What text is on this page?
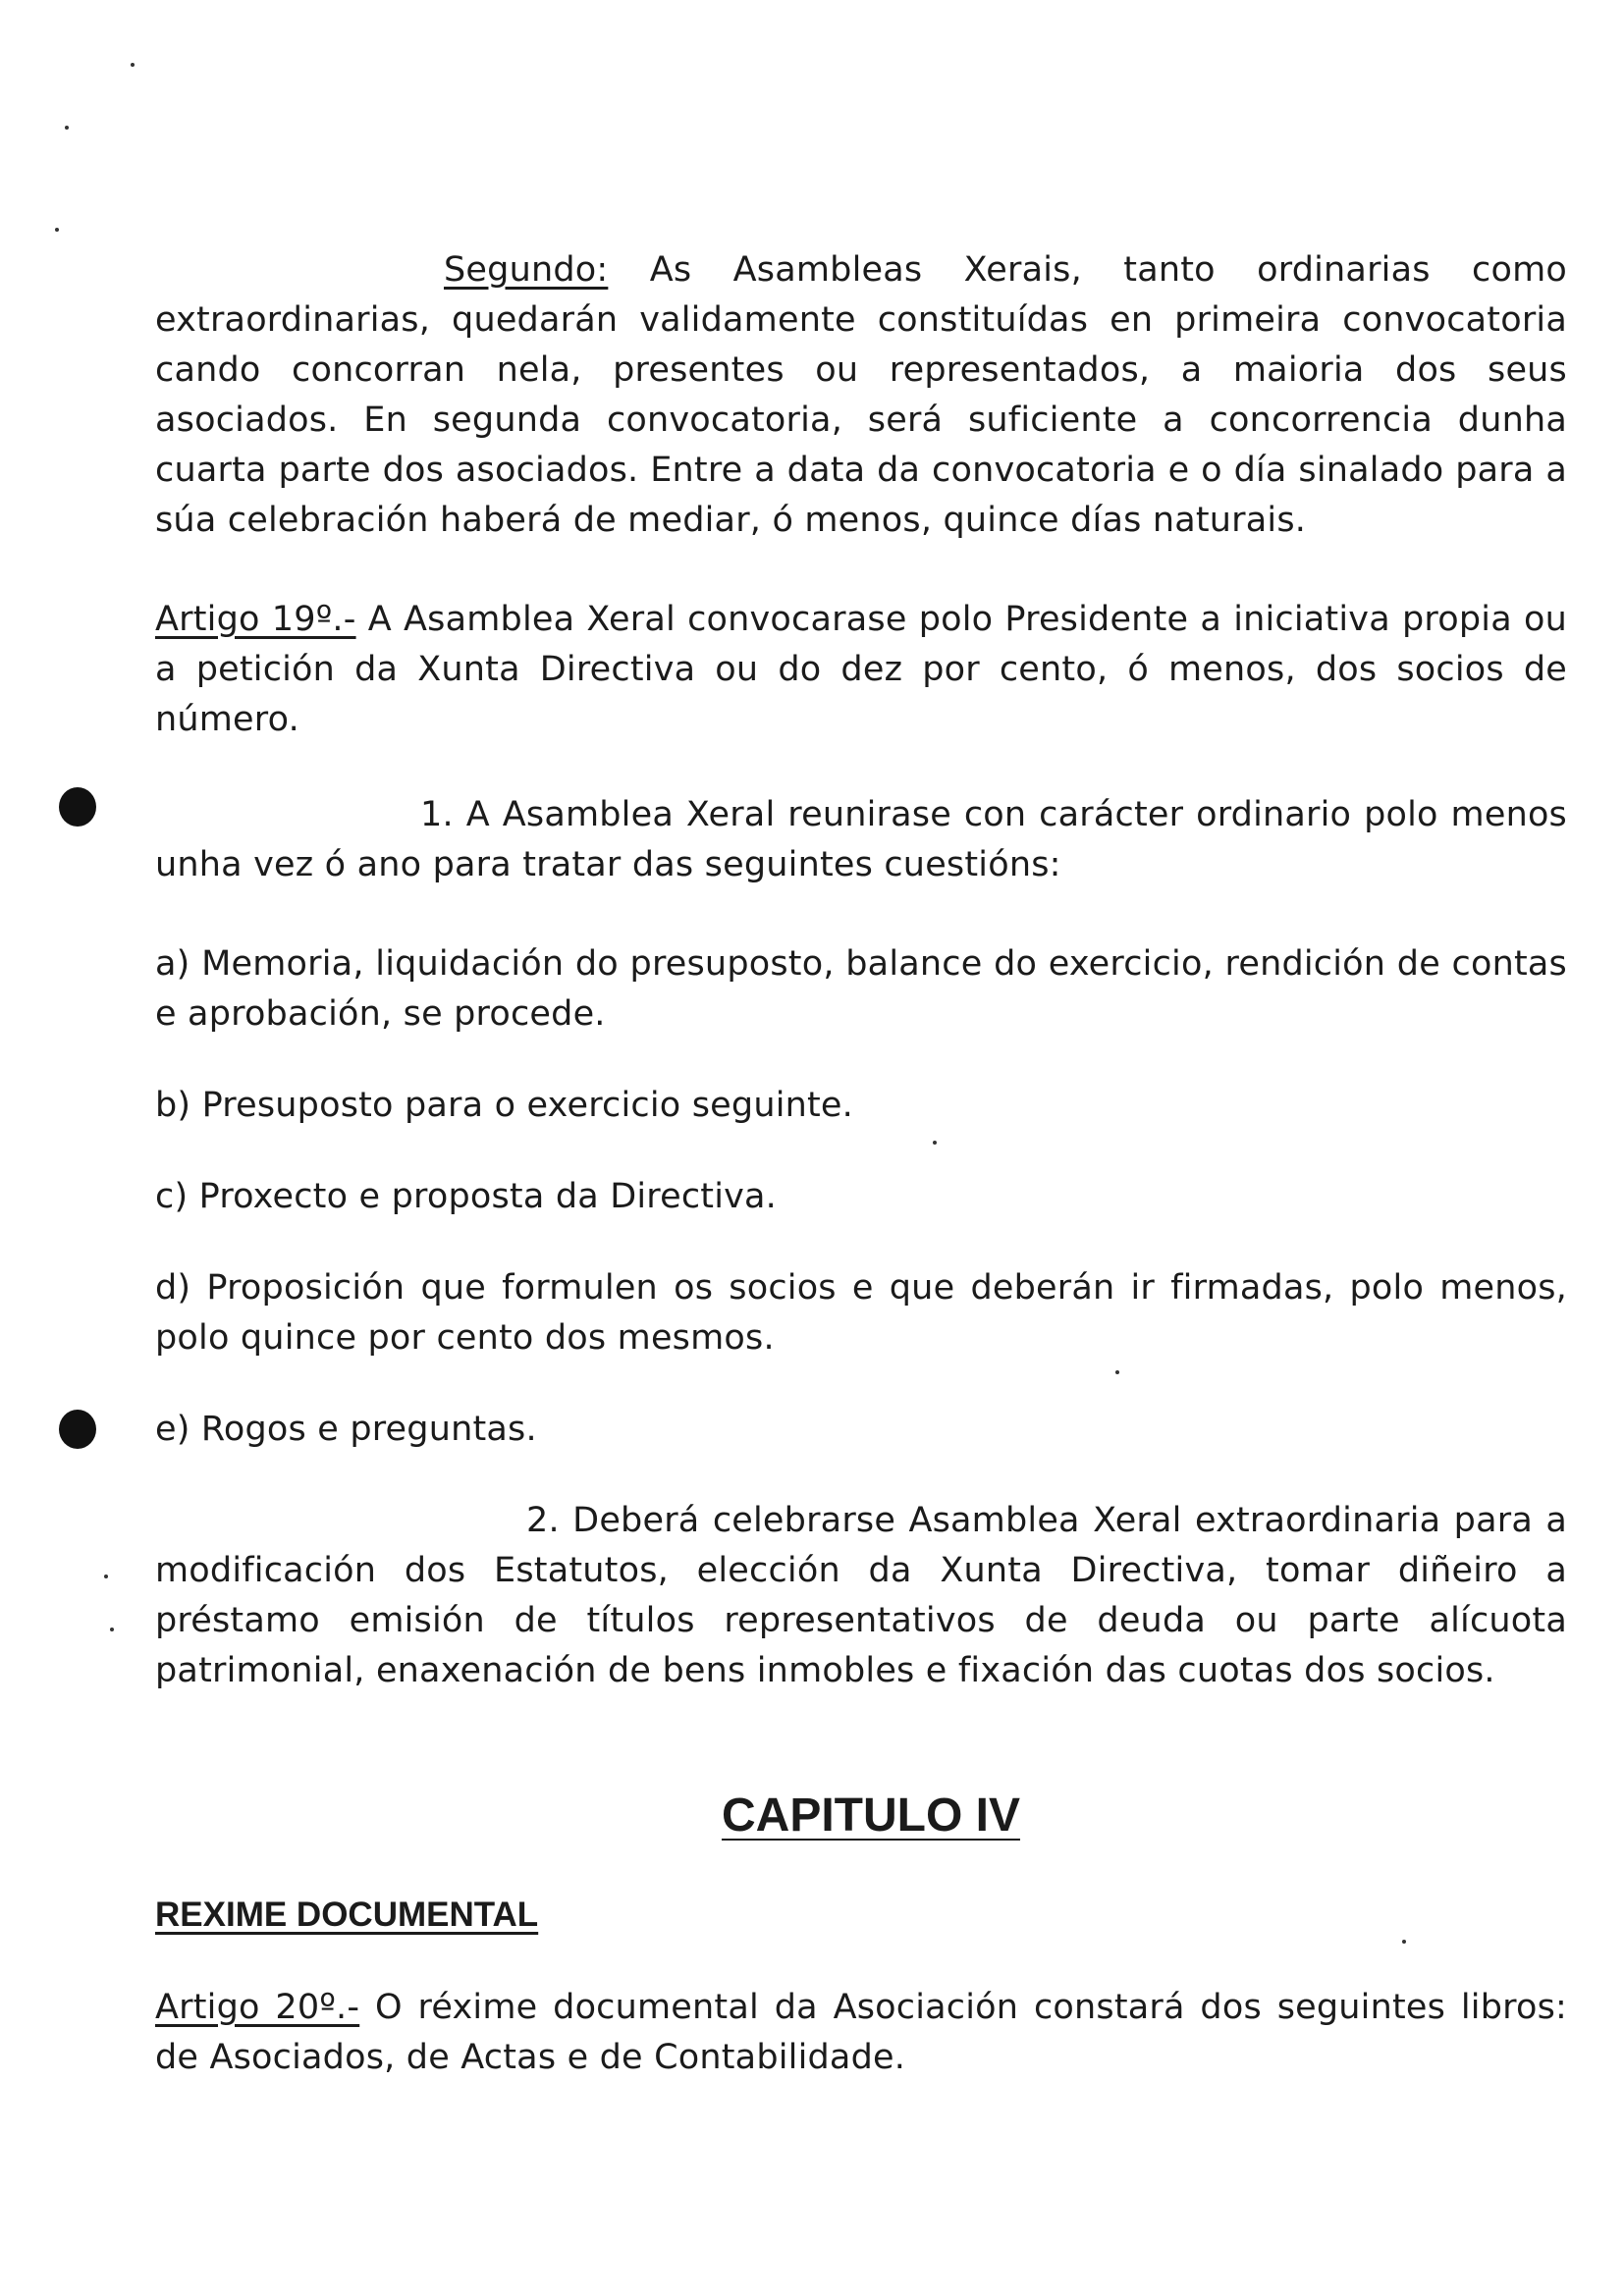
Segundo: As Asambleas Xerais, tanto ordinarias como extraordinarias, quedarán validamente constituídas en primeira convocatoria cando concorran nela, presentes ou representados, a maioria dos seus asociados. En segunda convocatoria, será suficiente a concorrencia dunha cuarta parte dos asociados. Entre a data da convocatoria e o día sinalado para a súa celebración haberá de mediar, ó menos, quince días naturais.

Artigo 19º.- A Asamblea Xeral convocarase polo Presidente a iniciativa propia ou a petición da Xunta Directiva ou do dez por cento, ó menos, dos socios de número.

1. A Asamblea Xeral reunirase con carácter ordinario polo menos unha vez ó ano para tratar das seguintes cuestións:

a) Memoria, liquidación do presuposto, balance do exercicio, rendición de contas e aprobación, se procede.

b) Presuposto para o exercicio seguinte.

c) Proxecto e proposta da Directiva.

d) Proposición que formulen os socios e que deberán ir firmadas, polo menos, polo quince por cento dos mesmos.

e) Rogos e preguntas.

2. Deberá celebrarse Asamblea Xeral extraordinaria para a modificación dos Estatutos, elección da Xunta Directiva, tomar diñeiro a préstamo emisión de títulos representativos de deuda ou parte alícuota patrimonial, enaxenación de bens inmobles e fixación das cuotas dos socios.

CAPITULO IV
REXIME DOCUMENTAL

Artigo 20º.- O réxime documental da Asociación constará dos seguintes libros: de Asociados, de Actas e de Contabilidade.
